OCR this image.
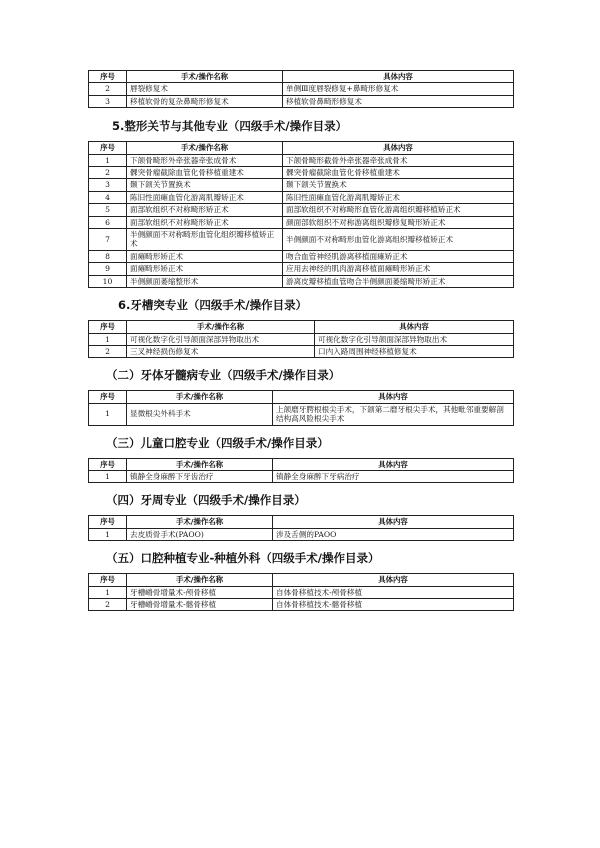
序号	手术/操作名称	具体内容
2	唇裂修复术	单侧Ⅲ度唇裂修复+鼻畸形修复术
3	移植软骨的复杂鼻畸形修复术	移植软骨鼻畸形修复术
5.整形关节与其他专业（四级手术/操作目录）
序号	手术/操作名称	具体内容
1	下颌骨畸形外牵张器牵张成骨术	下颌骨畸形截骨外牵张器牵张成骨术
2	髁突骨瘤截除血管化骨移植重建术	髁突骨瘤截除血管化骨移植重建术
3	颞下颌关节置换术	颞下颌关节置换术
4	陈旧性面瘫血管化游离肌瓣矫正术	陈旧性面瘫血管化游离肌瓣矫正术
5	面部软组织不对称畸形矫正术	面部软组织不对称畸形血管化游离组织瓣移植矫正术
6	面部软组织不对称畸形矫正术	颜面部软组织不对称游离组织瓣修复畸形矫正术
7	半侧颜面不对称畸形血管化组织瓣移植矫正术	半侧颜面不对称畸形血管化游离组织瓣移植矫正术
8	面瘫畸形矫正术	吻合血管神经肌游离移植面瘫矫正术
9	面瘫畸形矫正术	应用去神经的肌肉游离移植面瘫畸形矫正术
10	半侧颜面萎缩整形术	游离皮瓣移植血管吻合半侧颜面萎缩畸形矫正术
6.牙槽突专业（四级手术/操作目录）
序号	手术/操作名称	具体内容
1	可视化数字化引导颌面深部异物取出术	可视化数字化引导颌面深部异物取出术
2	三叉神经损伤修复术	口内入路周围神经移植修复术
（二）牙体牙髓病专业（四级手术/操作目录）
序号	手术/操作名称	具体内容
1	显微根尖外科手术	上颌磨牙腭根根尖手术，下颌第二磨牙根尖手术，其他毗邻重要解剖结构高风险根尖手术
（三）儿童口腔专业（四级手术/操作目录）
序号	手术/操作名称	具体内容
1	镇静全身麻醉下牙齿治疗	镇静全身麻醉下牙病治疗
（四）牙周专业（四级手术/操作目录）
序号	手术/操作名称	具体内容
1	去皮质骨手术(PAOO)	涉及舌侧的PAOO
（五）口腔种植专业-种植外科（四级手术/操作目录）
序号	手术/操作名称	具体内容
1	牙槽嵴骨增量术-颅骨移植	自体骨移植技术-颅骨移植
2	牙槽嵴骨增量术-髂骨移植	自体骨移植技术-髂骨移植
